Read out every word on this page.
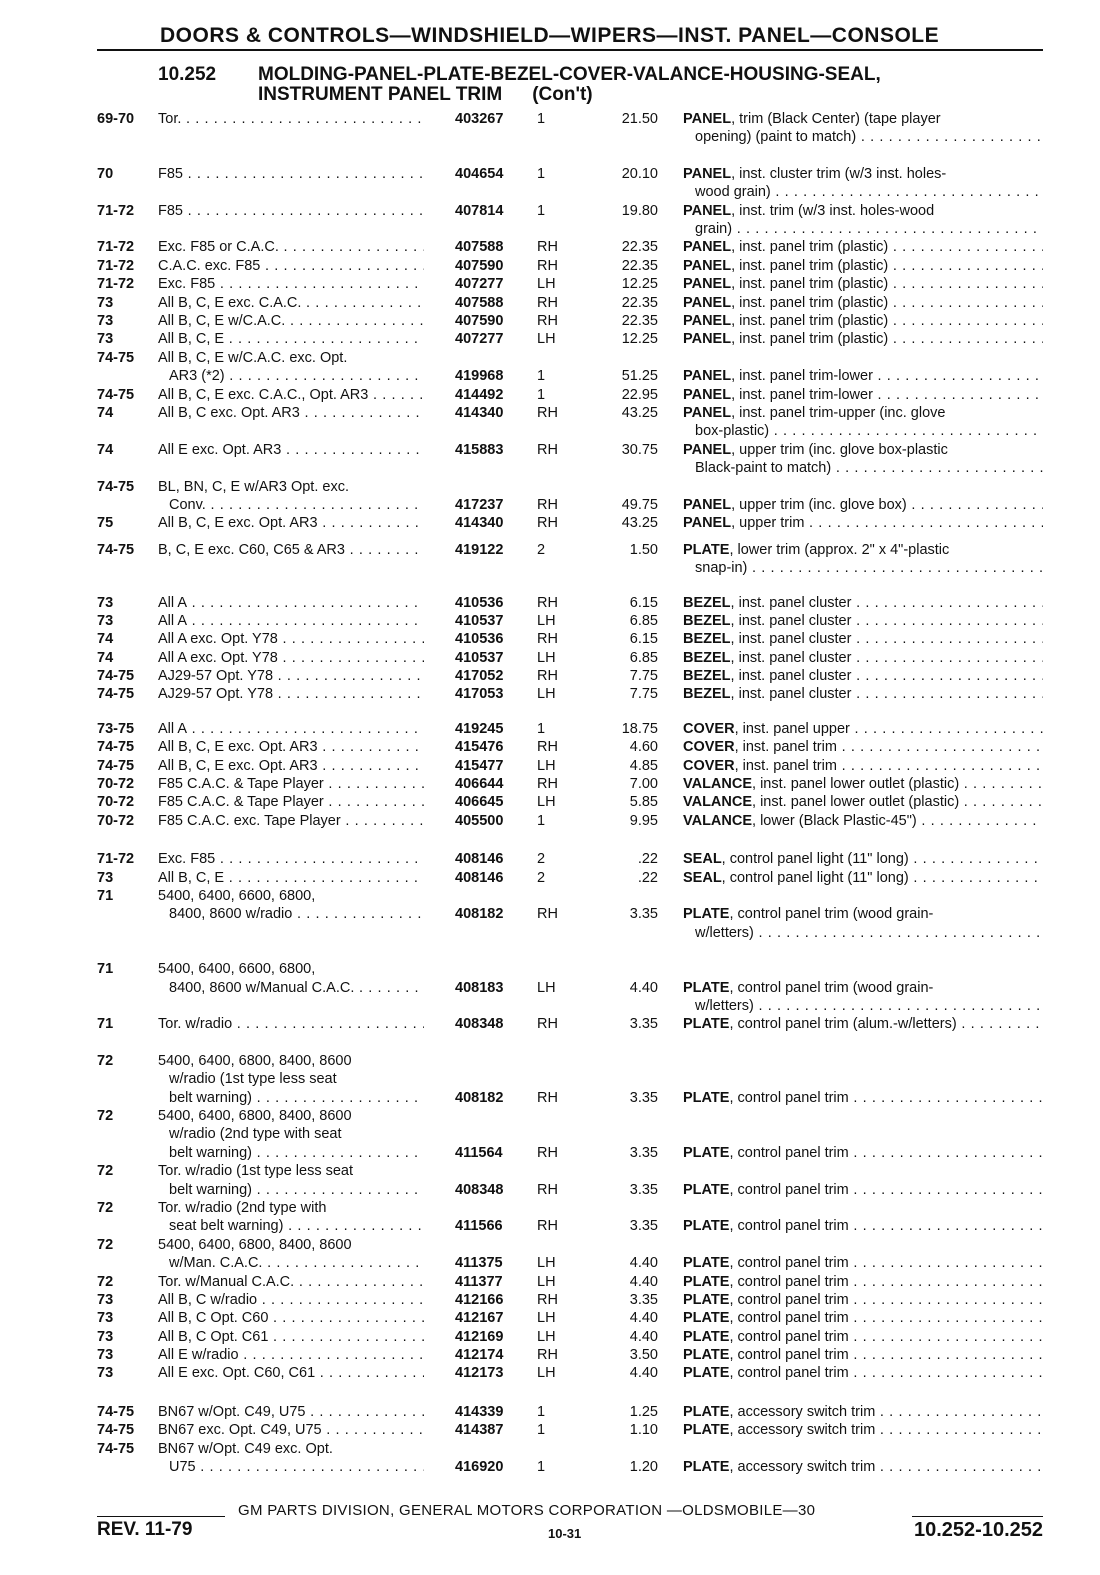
DOORS & CONTROLS—WINDSHIELD—WIPERS—INST. PANEL—CONSOLE
10.252 MOLDING-PANEL-PLATE-BEZEL-COVER-VALANCE-HOUSING-SEAL,
INSTRUMENT PANEL TRIM (Con't)
69-70	Tor. . . .	403267 1	21.50 PANEL, trim (Black Center) (tape player
opening) (paint to match) . . .
70	F85 . . .	404654 1	20.10 PANEL, inst. cluster trim (w/3 inst. holes-
wood grain) . . .
71-72	F85 . . .	407814 1	19.80 PANEL, inst. trim (w/3 inst. holes-wood
grain) . . .
71-72	Exc. F85 or C.A.C. . . .	407588 RH	22.35 PANEL, inst. panel trim (plastic) . . .
71-72	C.A.C. exc. F85 . . .	407590 RH	22.35 PANEL, inst. panel trim (plastic) . . .
71-72	Exc. F85 . . .	407277 LH	12.25 PANEL, inst. panel trim (plastic) . . .
73	All B, C, E exc. C.A.C. . . .	407588 RH	22.35 PANEL, inst. panel trim (plastic) . . .
73	All B, C, E w/C.A.C. . . .	407590 RH	22.35 PANEL, inst. panel trim (plastic) . . .
73	All B, C, E . . .	407277 LH	12.25 PANEL, inst. panel trim (plastic) . . .
74-75	All B, C, E w/C.A.C. exc. Opt.
AR3 (*2) . . .	419968 1	51.25 PANEL, inst. panel trim-lower . . .
74-75	All B, C, E exc. C.A.C., Opt. AR3 . . .	414492 1	22.95 PANEL, inst. panel trim-lower . . .
74	All B, C exc. Opt. AR3 . . .	414340 RH	43.25 PANEL, inst. panel trim-upper (inc. glove
box-plastic) . . .
74	All E exc. Opt. AR3 . . .	415883 RH	30.75 PANEL, upper trim (inc. glove box-plastic
Black-paint to match) . . .
74-75	BL, BN, C, E w/AR3 Opt. exc.
Conv. . . .	417237 RH	49.75 PANEL, upper trim (inc. glove box) . . .
75	All B, C, E exc. Opt. AR3 . . .	414340 RH	43.25 PANEL, upper trim . . .
74-75	B, C, E exc. C60, C65 & AR3 . . .	419122 2	1.50 PLATE, lower trim (approx. 2" x 4"-plastic
snap-in) . . .
73	All A . . .	410536 RH	6.15 BEZEL, inst. panel cluster . . .
73	All A . . .	410537 LH	6.85 BEZEL, inst. panel cluster . . .
74	All A exc. Opt. Y78 . . .	410536 RH	6.15 BEZEL, inst. panel cluster . . .
74	All A exc. Opt. Y78 . . .	410537 LH	6.85 BEZEL, inst. panel cluster . . .
74-75	AJ29-57 Opt. Y78 . . .	417052 RH	7.75 BEZEL, inst. panel cluster . . .
74-75	AJ29-57 Opt. Y78 . . .	417053 LH	7.75 BEZEL, inst. panel cluster . . .
73-75	All A . . .	419245 1	18.75 COVER, inst. panel upper . . .
74-75	All B, C, E exc. Opt. AR3 . . .	415476 RH	4.60 COVER, inst. panel trim . . .
74-75	All B, C, E exc. Opt. AR3 . . .	415477 LH	4.85 COVER, inst. panel trim . . .
70-72	F85 C.A.C. & Tape Player . . .	406644 RH	7.00 VALANCE, inst. panel lower outlet (plastic) . . .
70-72	F85 C.A.C. & Tape Player . . .	406645 LH	5.85 VALANCE, inst. panel lower outlet (plastic) . . .
70-72	F85 C.A.C. exc. Tape Player . . .	405500 1	9.95 VALANCE, lower (Black Plastic-45") . . .
71-72	Exc. F85 . . .	408146 2	.22 SEAL, control panel light (11" long) . . .
73	All B, C, E . . .	408146 2	.22 SEAL, control panel light (11" long) . . .
71	5400, 6400, 6600, 6800,
8400, 8600 w/radio . . .	408182 RH	3.35 PLATE, control panel trim (wood grain-
w/letters) . . .
71	5400, 6400, 6600, 6800,
8400, 8600 w/Manual C.A.C. . . .	408183 LH	4.40 PLATE, control panel trim (wood grain-
w/letters) . . .
71	Tor. w/radio . . .	408348 RH	3.35 PLATE, control panel trim (alum.-w/letters) . . .
72	5400, 6400, 6800, 8400, 8600
w/radio (1st type less seat
belt warning) . . .	408182 RH	3.35 PLATE, control panel trim . . .
72	5400, 6400, 6800, 8400, 8600
w/radio (2nd type with seat
belt warning) . . .	411564 RH	3.35 PLATE, control panel trim . . .
72	Tor. w/radio (1st type less seat
belt warning) . . .	408348 RH	3.35 PLATE, control panel trim . . .
72	Tor. w/radio (2nd type with
seat belt warning) . . .	411566 RH	3.35 PLATE, control panel trim . . .
72	5400, 6400, 6800, 8400, 8600
w/Man. C.A.C. . . .	411375 LH	4.40 PLATE, control panel trim . . .
72	Tor. w/Manual C.A.C. . . .	411377 LH	4.40 PLATE, control panel trim . . .
73	All B, C w/radio . . .	412166 RH	3.35 PLATE, control panel trim . . .
73	All B, C Opt. C60 . . .	412167 LH	4.40 PLATE, control panel trim . . .
73	All B, C Opt. C61 . . .	412169 LH	4.40 PLATE, control panel trim . . .
73	All E w/radio . . .	412174 RH	3.50 PLATE, control panel trim . . .
73	All E exc. Opt. C60, C61 . . .	412173 LH	4.40 PLATE, control panel trim . . .
74-75	BN67 w/Opt. C49, U75 . . .	414339 1	1.25 PLATE, accessory switch trim . . .
74-75	BN67 exc. Opt. C49, U75 . . .	414387 1	1.10 PLATE, accessory switch trim . . .
74-75	BN67 w/Opt. C49 exc. Opt.
U75 . . .	416920 1	1.20 PLATE, accessory switch trim . . .
GM PARTS DIVISION, GENERAL MOTORS CORPORATION —OLDSMOBILE—30
REV. 11-79	10-31	10.252-10.252
